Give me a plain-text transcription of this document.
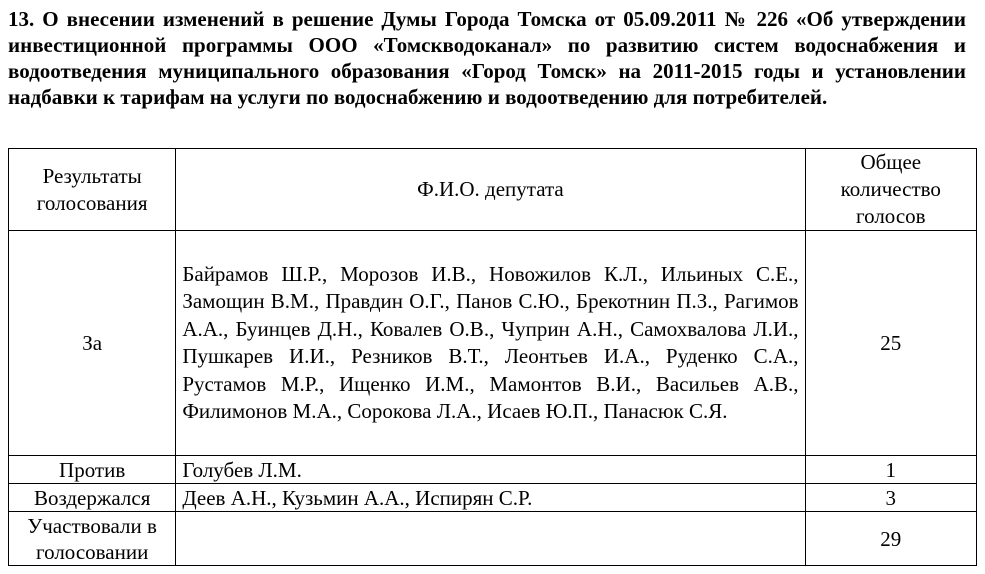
13. О внесении изменений в решение Думы Города Томска от 05.09.2011 № 226 «Об утверждении инвестиционной программы ООО «Томскводоканал» по развитию систем водоснабжения и водоотведения муниципального образования «Город Томск» на 2011-2015 годы и установлении надбавки к тарифам на услуги по водоснабжению и водоотведению для потребителей.

Результаты голосования	Ф.И.О. депутата	Общее количество голосов
За	Байрамов Ш.Р., Морозов И.В., Новожилов К.Л., Ильиных С.Е., Замощин В.М., Правдин О.Г., Панов С.Ю., Брекотнин П.З., Рагимов А.А., Буинцев Д.Н., Ковалев О.В., Чуприн А.Н., Самохвалова Л.И., Пушкарев И.И., Резников В.Т., Леонтьев И.А., Руденко С.А., Рустамов М.Р., Ищенко И.М., Мамонтов В.И., Васильев А.В., Филимонов М.А., Сорокова Л.А., Исаев Ю.П., Панасюк С.Я.	25
Против	Голубев Л.М.	1
Воздержался	Деев А.Н., Кузьмин А.А., Испирян С.Р.	3
Участвовали в голосовании		29
